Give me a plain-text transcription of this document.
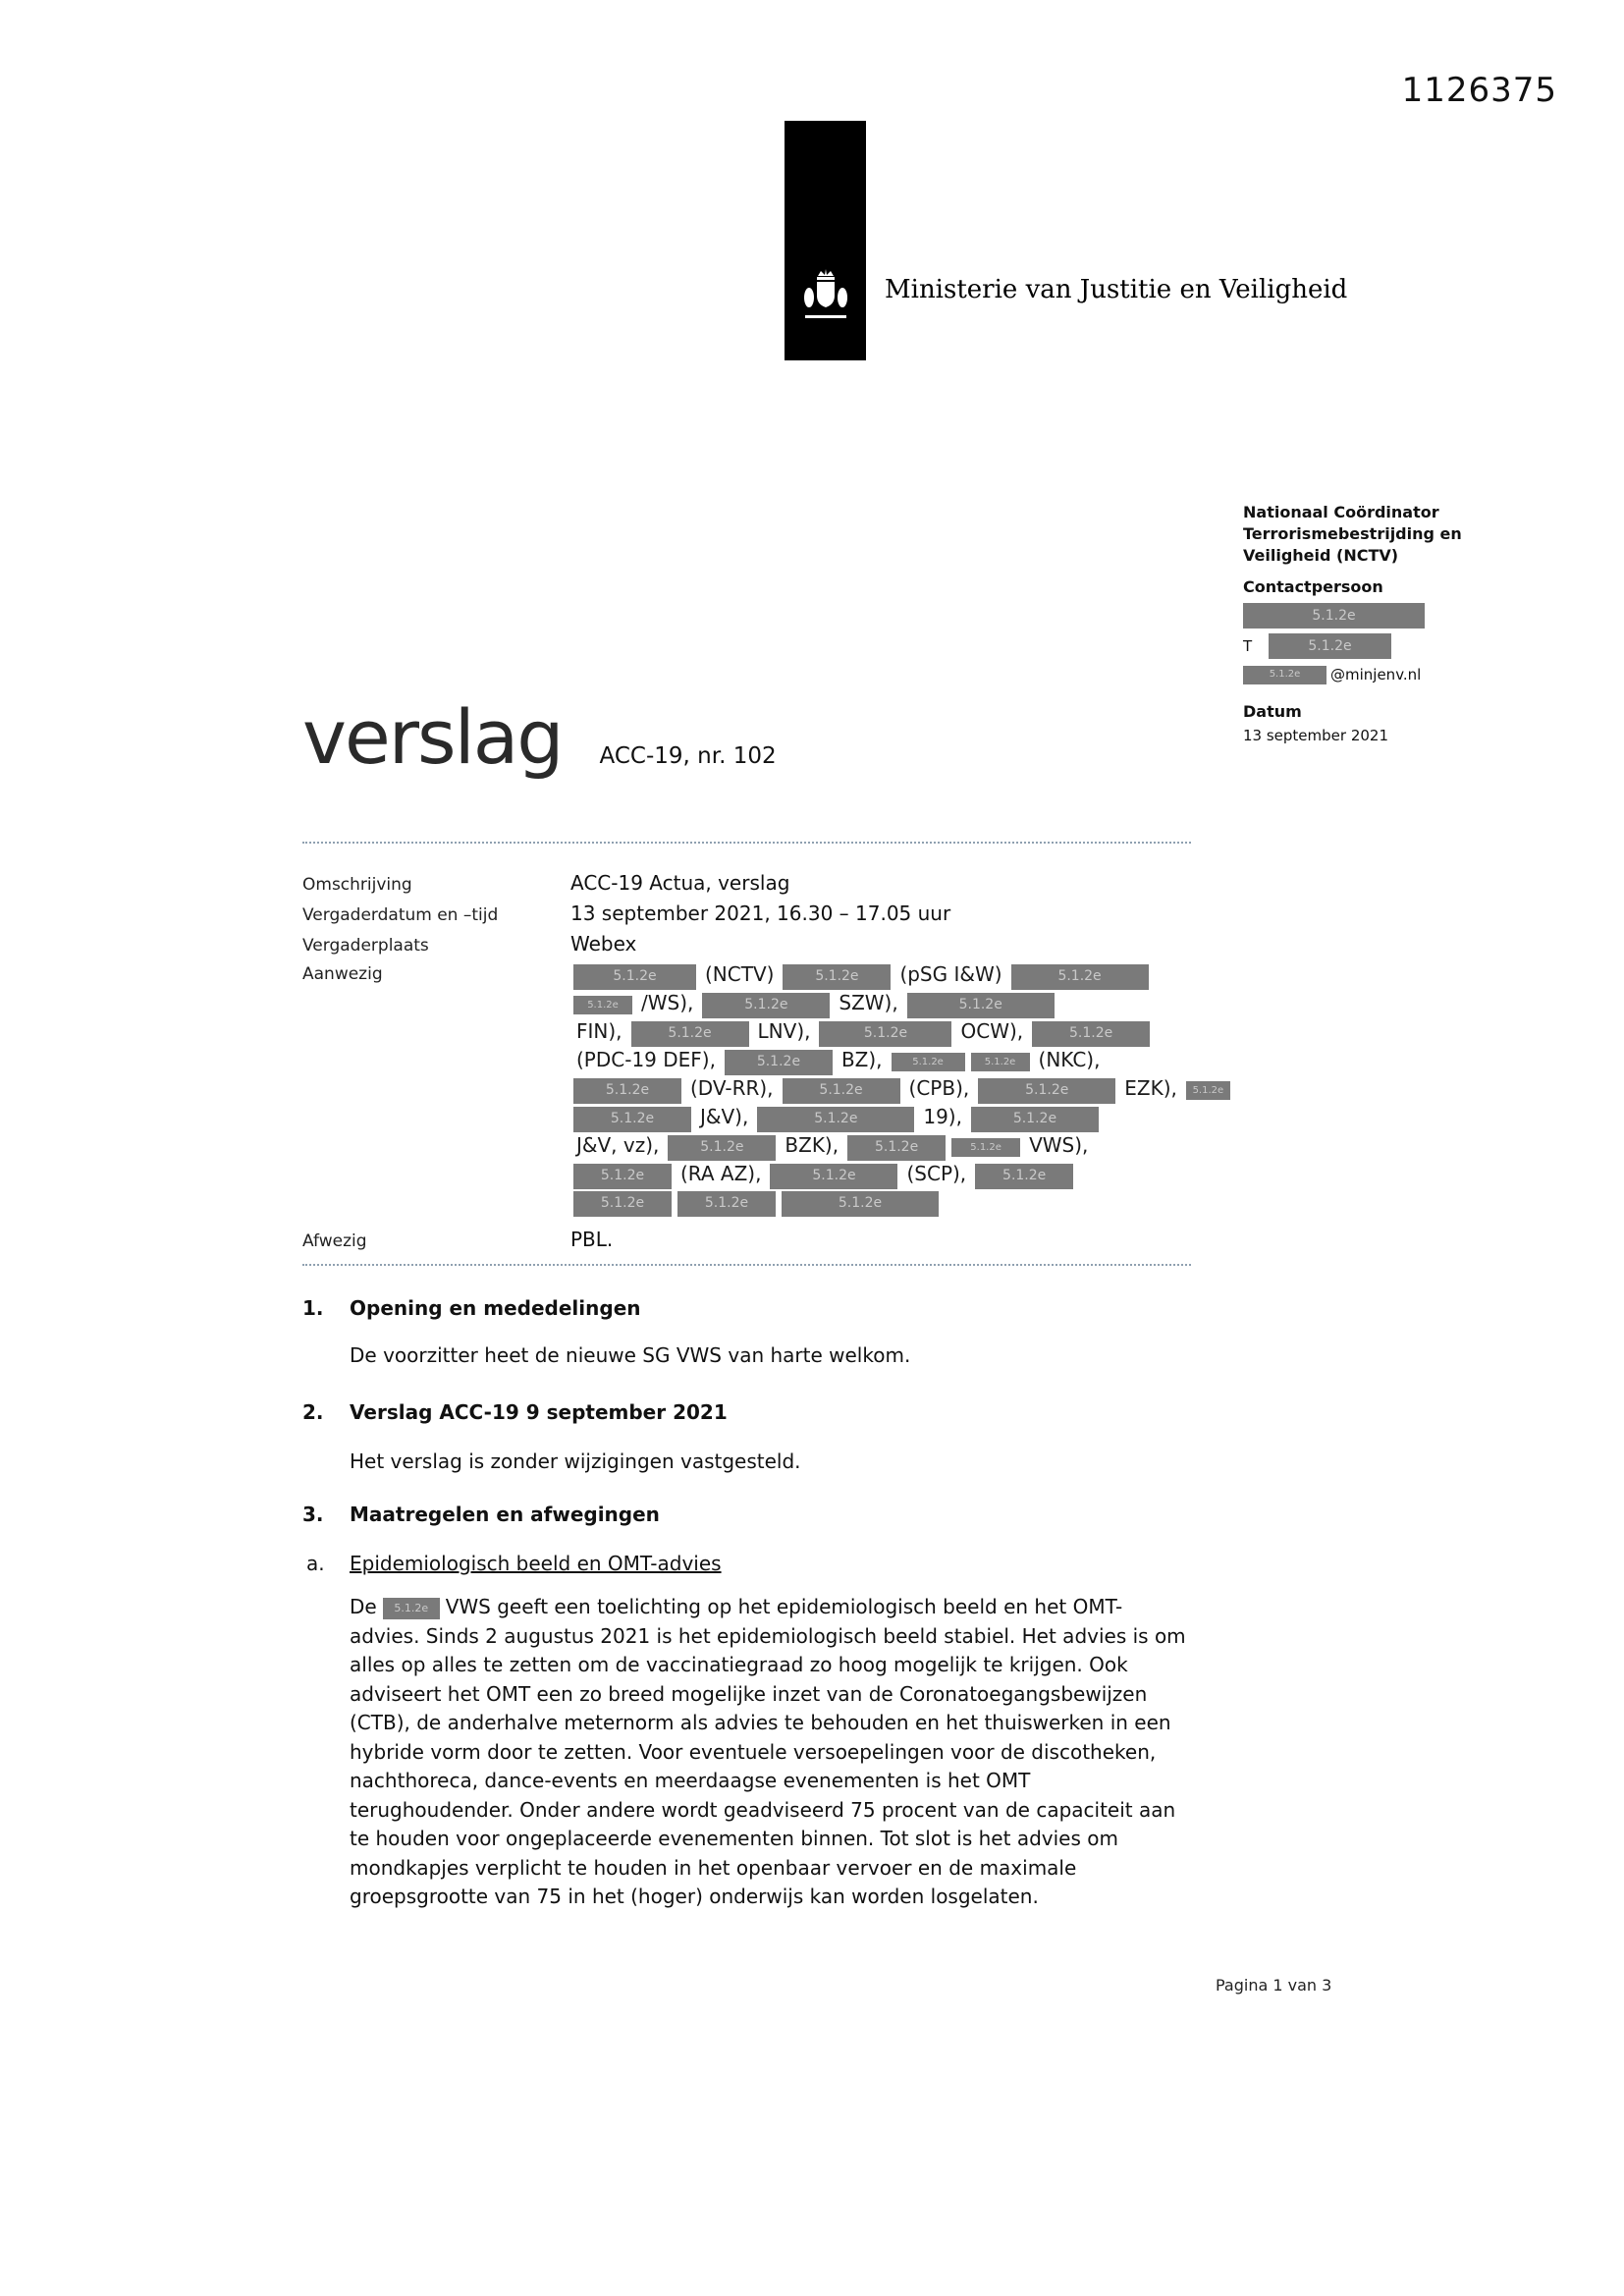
1126375
Ministerie van Justitie en Veiligheid
Nationaal Coördinator
Terrorismebestrijding en
Veiligheid (NCTV)
Contactpersoon
5.1.2e
T	5.1.2e
5.1.2e	@minjenv.nl
Datum
13 september 2021
verslag ACC-19, nr. 102
Omschrijving	ACC-19 Actua, verslag
Vergaderdatum en –tijd	13 september 2021, 16.30 – 17.05 uur
Vergaderplaats	Webex
Aanwezig	5.1.2e (NCTV)	5.1.2e (pSG I&W)	5.1.2e
5.1.2e /WS),	5.1.2e	SZW),	5.1.2e
FIN),	5.1.2e LNV),	5.1.2e	OCW),	5.1.2e
(PDC-19 DEF),	5.1.2e BZ),	5.1.2e	5.1.2e (NKC),
5.1.2e (DV-RR),	5.1.2e (CPB),	5.1.2e	EZK), 5.1.2e
5.1.2e J&V),	5.1.2e	19),	5.1.2e
J&V, vz),	5.1.2e BZK),	5.1.2e	5.1.2e VWS),
5.1.2e (RA AZ),	5.1.2e	(SCP),	5.1.2e
5.1.2e	5.1.2e	5.1.2e
Afwezig	PBL.
1.	Opening en mededelingen
De voorzitter heet de nieuwe SG VWS van harte welkom.
2.	Verslag ACC-19 9 september 2021
Het verslag is zonder wijzigingen vastgesteld.
3.	Maatregelen en afwegingen
a.	Epidemiologisch beeld en OMT-advies
De 5.1.2e VWS geeft een toelichting op het epidemiologisch beeld en het OMT-advies. Sinds 2 augustus 2021 is het epidemiologisch beeld stabiel. Het advies is om alles op alles te zetten om de vaccinatiegraad zo hoog mogelijk te krijgen. Ook adviseert het OMT een zo breed mogelijke inzet van de Coronatoegangsbewijzen (CTB), de anderhalve meternorm als advies te behouden en het thuiswerken in een hybride vorm door te zetten. Voor eventuele versoepelingen voor de discotheken, nachthoreca, dance-events en meerdaagse evenementen is het OMT terughoudender. Onder andere wordt geadviseerd 75 procent van de capaciteit aan te houden voor ongeplaceerde evenementen binnen. Tot slot is het advies om mondkapjes verplicht te houden in het openbaar vervoer en de maximale groepsgrootte van 75 in het (hoger) onderwijs kan worden losgelaten.
Pagina 1 van 3
